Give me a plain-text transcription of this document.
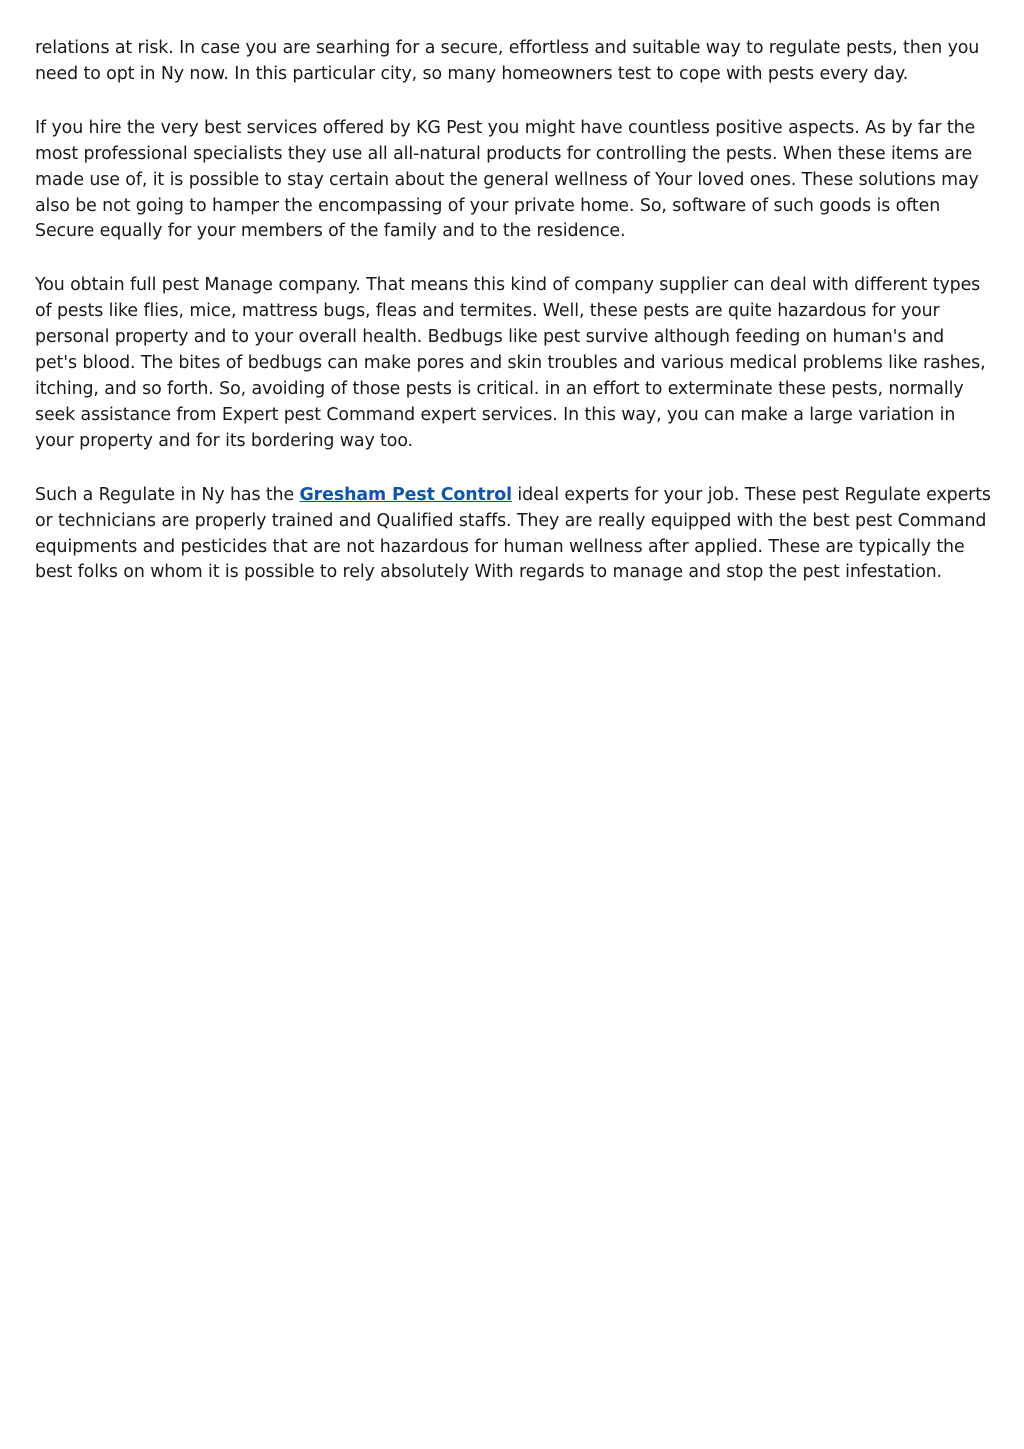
relations at risk. In case you are searhing for a secure, effortless and suitable way to regulate pests, then you need to opt in Ny now. In this particular city, so many homeowners test to cope with pests every day.

If you hire the very best services offered by KG Pest you might have countless positive aspects. As by far the most professional specialists they use all all-natural products for controlling the pests. When these items are made use of, it is possible to stay certain about the general wellness of Your loved ones. These solutions may also be not going to hamper the encompassing of your private home. So, software of such goods is often Secure equally for your members of the family and to the residence.

You obtain full pest Manage company. That means this kind of company supplier can deal with different types of pests like flies, mice, mattress bugs, fleas and termites. Well, these pests are quite hazardous for your personal property and to your overall health. Bedbugs like pest survive although feeding on human's and pet's blood. The bites of bedbugs can make pores and skin troubles and various medical problems like rashes, itching, and so forth. So, avoiding of those pests is critical. in an effort to exterminate these pests, normally seek assistance from Expert pest Command expert services. In this way, you can make a large variation in your property and for its bordering way too.

Such a Regulate in Ny has the Gresham Pest Control ideal experts for your job. These pest Regulate experts or technicians are properly trained and Qualified staffs. They are really equipped with the best pest Command equipments and pesticides that are not hazardous for human wellness after applied. These are typically the best folks on whom it is possible to rely absolutely With regards to manage and stop the pest infestation.
